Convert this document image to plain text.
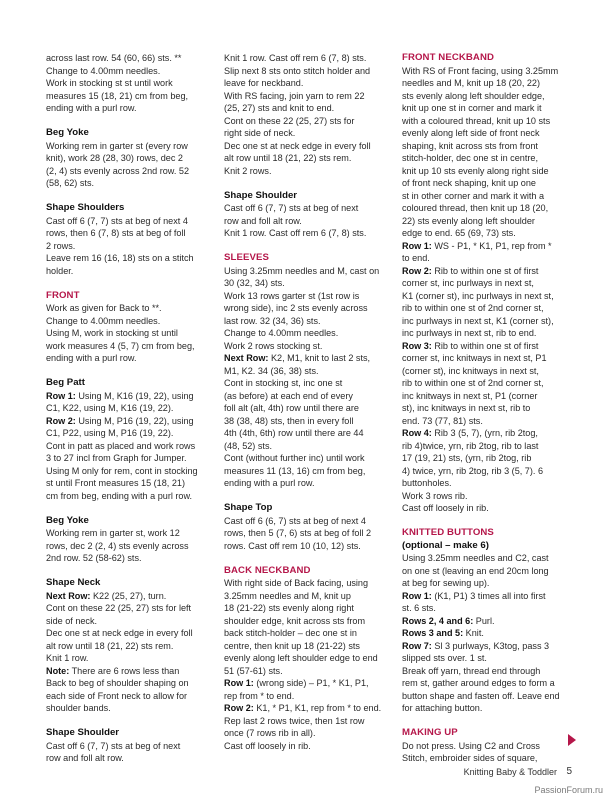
across last row. 54 (60, 66) sts. **
Change to 4.00mm needles.
Work in stocking st st until work
measures 15 (18, 21) cm from beg,
ending with a purl row.

Beg Yoke

Working rem in garter st (every row
knit), work 28 (28, 30) rows, dec 2
(2, 4) sts evenly across 2nd row. 52
(58, 62) sts.

Shape Shoulders

Cast off 6 (7, 7) sts at beg of next 4
rows, then 6 (7, 8) sts at beg of foll
2 rows.
Leave rem 16 (16, 18) sts on a stitch
holder.

FRONT

Work as given for Back to **.
Change to 4.00mm needles.
Using M, work in stocking st until
work measures 4 (5, 7) cm from beg,
ending with a purl row.

Beg Patt

Row 1: Using M, K16 (19, 22), using
C1, K22, using M, K16 (19, 22).
Row 2: Using M, P16 (19, 22), using
C1, P22, using M, P16 (19, 22).
Cont in patt as placed and work rows
3 to 27 incl from Graph for Jumper.
Using M only for rem, cont in stocking
st until Front measures 15 (18, 21)
cm from beg, ending with a purl row.

Beg Yoke

Working rem in garter st, work 12
rows, dec 2 (2, 4) sts evenly across
2nd row. 52 (58-62) sts.

Shape Neck

Next Row: K22 (25, 27), turn.
Cont on these 22 (25, 27) sts for left
side of neck.
Dec one st at neck edge in every foll
alt row until 18 (21, 22) sts rem.
Knit 1 row.
Note: There are 6 rows less than
Back to beg of shoulder shaping on
each side of Front neck to allow for
shoulder bands.

Shape Shoulder

Cast off 6 (7, 7) sts at beg of next
row and foll alt row.

Knit 1 row. Cast off rem 6 (7, 8) sts.
Slip next 8 sts onto stitch holder and
leave for neckband.
With RS facing, join yarn to rem 22
(25, 27) sts and knit to end.
Cont on these 22 (25, 27) sts for
right side of neck.
Dec one st at neck edge in every foll
alt row until 18 (21, 22) sts rem.
Knit 2 rows.

Shape Shoulder

Cast off 6 (7, 7) sts at beg of next
row and foll alt row.
Knit 1 row. Cast off rem 6 (7, 8) sts.

SLEEVES

Using 3.25mm needles and M, cast on
30 (32, 34) sts.
Work 13 rows garter st (1st row is
wrong side), inc 2 sts evenly across
last row. 32 (34, 36) sts.
Change to 4.00mm needles.
Work 2 rows stocking st.
Next Row: K2, M1, knit to last 2 sts,
M1, K2. 34 (36, 38) sts.
Cont in stocking st, inc one st
(as before) at each end of every
foll alt (alt, 4th) row until there are
38 (38, 48) sts, then in every foll
4th (4th, 6th) row until there are 44
(48, 52) sts.
Cont (without further inc) until work
measures 11 (13, 16) cm from beg,
ending with a purl row.

Shape Top

Cast off 6 (6, 7) sts at beg of next 4
rows, then 5 (7, 6) sts at beg of foll 2
rows. Cast off rem 10 (10, 12) sts.

BACK NECKBAND

With right side of Back facing, using
3.25mm needles and M, knit up
18 (21-22) sts evenly along right
shoulder edge, knit across sts from
back stitch-holder – dec one st in
centre, then knit up 18 (21-22) sts
evenly along left shoulder edge to end
51 (57-61) sts.
Row 1: (wrong side) – P1, * K1, P1,
rep from * to end.
Row 2: K1, * P1, K1, rep from * to end.
Rep last 2 rows twice, then 1st row
once (7 rows rib in all).
Cast off loosely in rib.

FRONT NECKBAND

With RS of Front facing, using 3.25mm
needles and M, knit up 18 (20, 22)
sts evenly along left shoulder edge,
knit up one st in corner and mark it
with a coloured thread, knit up 10 sts
evenly along left side of front neck
shaping, knit across sts from front
stitch-holder, dec one st in centre,
knit up 10 sts evenly along right side
of front neck shaping, knit up one
st in other corner and mark it with a
coloured thread, then knit up 18 (20,
22) sts evenly along left shoulder
edge to end. 65 (69, 73) sts.
Row 1: WS - P1, * K1, P1, rep from *
to end.
Row 2: Rib to within one st of first
corner st, inc purlways in next st,
K1 (corner st), inc purlways in next st,
rib to within one st of 2nd corner st,
inc purlways in next st, K1 (corner st),
inc purlways in next st, rib to end.
Row 3: Rib to within one st of first
corner st, inc knitways in next st, P1
(corner st), inc knitways in next st,
rib to within one st of 2nd corner st,
inc knitways in next st, P1 (corner
st), inc knitways in next st, rib to
end. 73 (77, 81) sts.
Row 4: Rib 3 (5, 7), (yrn, rib 2tog,
rib 4)twice, yrn, rib 2tog, rib to last
17 (19, 21) sts, (yrn, rib 2tog, rib
4) twice, yrn, rib 2tog, rib 3 (5, 7). 6
buttonholes.
Work 3 rows rib.
Cast off loosely in rib.

KNITTED BUTTONS
(optional – make 6)

Using 3.25mm needles and C2, cast
on one st (leaving an end 20cm long
at beg for sewing up).
Row 1: (K1, P1) 3 times all into first
st. 6 sts.
Rows 2, 4 and 6: Purl.
Rows 3 and 5: Knit.
Row 7: Sl 3 purlways, K3tog, pass 3
slipped sts over. 1 st.
Break off yarn, thread end through
rem st, gather around edges to form a
button shape and fasten off. Leave end
for attaching button.

MAKING UP

Do not press. Using C2 and Cross
Stitch, embroider sides of square,

Knitting Baby & Toddler 5
PassionForum.ru
